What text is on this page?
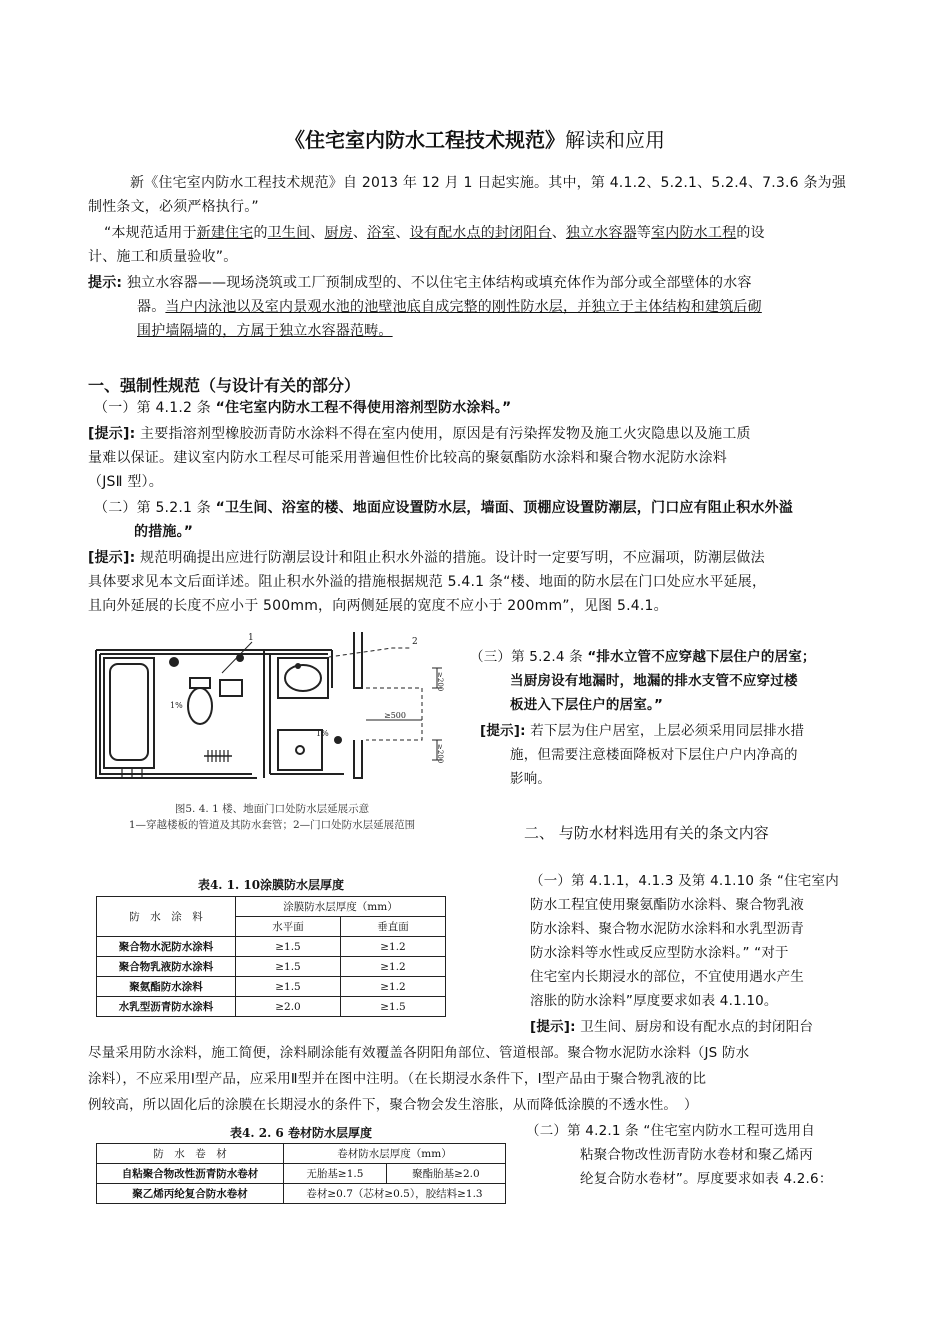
《住宅室内防水工程技术规范》解读和应用
新《住宅室内防水工程技术规范》自 2013 年 12 月 1 日起实施。其中，第 4.1.2、5.2.1、5.2.4、7.3.6 条为强
制性条文，必须严格执行。”
“本规范适用于新建住宅的卫生间、厨房、浴室、设有配水点的封闭阳台、独立水容器等室内防水工程的设
计、施工和质量验收”。
提示: 独立水容器——现场浇筑或工厂预制成型的、不以住宅主体结构或填充体作为部分或全部壁体的水容
器。当户内泳池以及室内景观水池的池壁池底自成完整的刚性防水层，并独立于主体结构和建筑后砌
围护墙隔墙的，方属于独立水容器范畴。
一、强制性规范（与设计有关的部分）
（一）第 4.1.2 条 “住宅室内防水工程不得使用溶剂型防水涂料。”
[提示]: 主要指溶剂型橡胶沥青防水涂料不得在室内使用，原因是有污染挥发物及施工火灾隐患以及施工质
量难以保证。建议室内防水工程尽可能采用普遍但性价比较高的聚氨酯防水涂料和聚合物水泥防水涂料
（JSⅡ 型）。
（二）第 5.2.1 条 “卫生间、浴室的楼、地面应设置防水层，墙面、顶棚应设置防潮层，门口应有阻止积水外溢
的措施。”
[提示]: 规范明确提出应进行防潮层设计和阻止积水外溢的措施。设计时一定要写明，不应漏项，防潮层做法
具体要求见本文后面详述。阻止积水外溢的措施根据规范 5.4.1 条“楼、地面的防水层在门口处应水平延展，
且向外延展的长度不应小于 500mm，向两侧延展的宽度不应小于 200mm”，见图 5.4.1。
1	2
1%
1%
≥500
≥200
≥200
图5. 4. 1 楼、地面门口处防水层延展示意
1—穿越楼板的管道及其防水套管；2—门口处防水层延展范围
（三）第 5.2.4 条 “排水立管不应穿越下层住户的居室；
当厨房设有地漏时，地漏的排水支管不应穿过楼
板进入下层住户的居室。”
[提示]: 若下层为住户居室，上层必须采用同层排水措
施，但需要注意楼面降板对下层住户户内净高的
影响。
二、 与防水材料选用有关的条文内容
表4. 1. 10涂膜防水层厚度
防　水　涂　料	涂膜防水层厚度（mm）	
	水平面	垂直面
聚合物水泥防水涂料	≥1.5	≥1.2
聚合物乳液防水涂料	≥1.5	≥1.2
聚氨酯防水涂料	≥1.5	≥1.2
水乳型沥青防水涂料	≥2.0	≥1.5
（一）第 4.1.1，4.1.3 及第 4.1.10 条 “住宅室内
防水工程宜使用聚氨酯防水涂料、聚合物乳液
防水涂料、聚合物水泥防水涂料和水乳型沥青
防水涂料等水性或反应型防水涂料。” “对于
住宅室内长期浸水的部位，不宜使用遇水产生
溶胀的防水涂料”厚度要求如表 4.1.10。
[提示]: 卫生间、厨房和设有配水点的封闭阳台
尽量采用防水涂料，施工简便，涂料刷涂能有效覆盖各阴阳角部位、管道根部。聚合物水泥防水涂料（JS 防水
涂料），不应采用Ⅰ型产品，应采用Ⅱ型并在图中注明。（在长期浸水条件下，Ⅰ型产品由于聚合物乳液的比
例较高，所以固化后的涂膜在长期浸水的条件下，聚合物会发生溶胀，从而降低涂膜的不透水性。　）
表4. 2. 6 卷材防水层厚度
防　水　卷　材	卷材防水层厚度（mm）	
自粘聚合物改性沥青防水卷材	无胎基≥1.5	聚酯胎基≥2.0
聚乙烯丙纶复合防水卷材	卷材≥0.7（芯材≥0.5），胶结料≥1.3	
（二）第 4.2.1 条 “住宅室内防水工程可选用自
粘聚合物改性沥青防水卷材和聚乙烯丙
纶复合防水卷材”。厚度要求如表 4.2.6：
